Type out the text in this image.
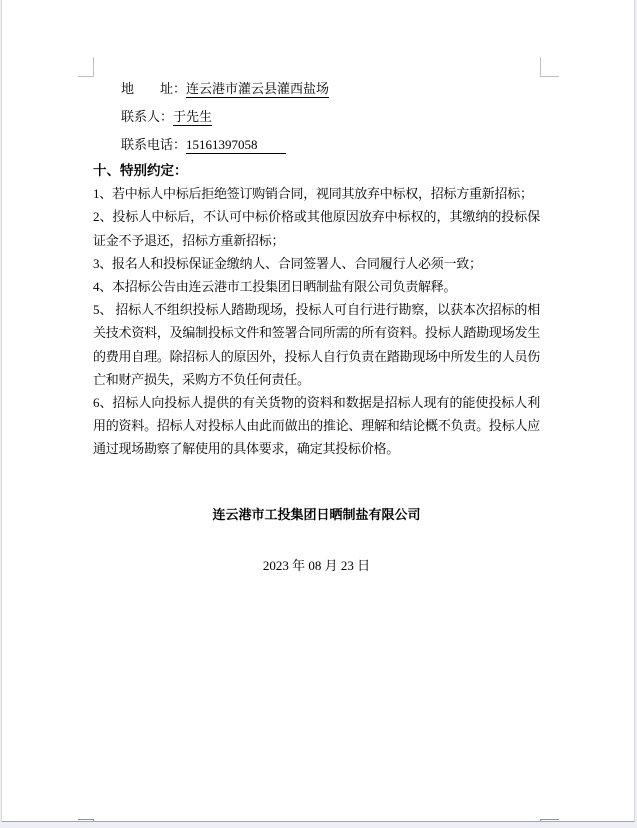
地　　址：连云港市灌云县灌西盐场

联系人：于先生

联系电话：15161397058

十、特别约定：

1、若中标人中标后拒绝签订购销合同，视同其放弃中标权，招标方重新招标；

2、投标人中标后，不认可中标价格或其他原因放弃中标权的，其缴纳的投标保证金不予退还，招标方重新招标；

3、报名人和投标保证金缴纳人、合同签署人、合同履行人必须一致；

4、本招标公告由连云港市工投集团日晒制盐有限公司负责解释。

5、 招标人不组织投标人踏勘现场，投标人可自行进行勘察，以获本次招标的相关技术资料，及编制投标文件和签署合同所需的所有资料。投标人踏勘现场发生的费用自理。除招标人的原因外，投标人自行负责在踏勘现场中所发生的人员伤亡和财产损失，采购方不负任何责任。

6、招标人向投标人提供的有关货物的资料和数据是招标人现有的能使投标人利用的资料。招标人对投标人由此而做出的推论、理解和结论概不负责。投标人应通过现场勘察了解使用的具体要求，确定其投标价格。

连云港市工投集团日晒制盐有限公司

2023 年 08 月 23 日
